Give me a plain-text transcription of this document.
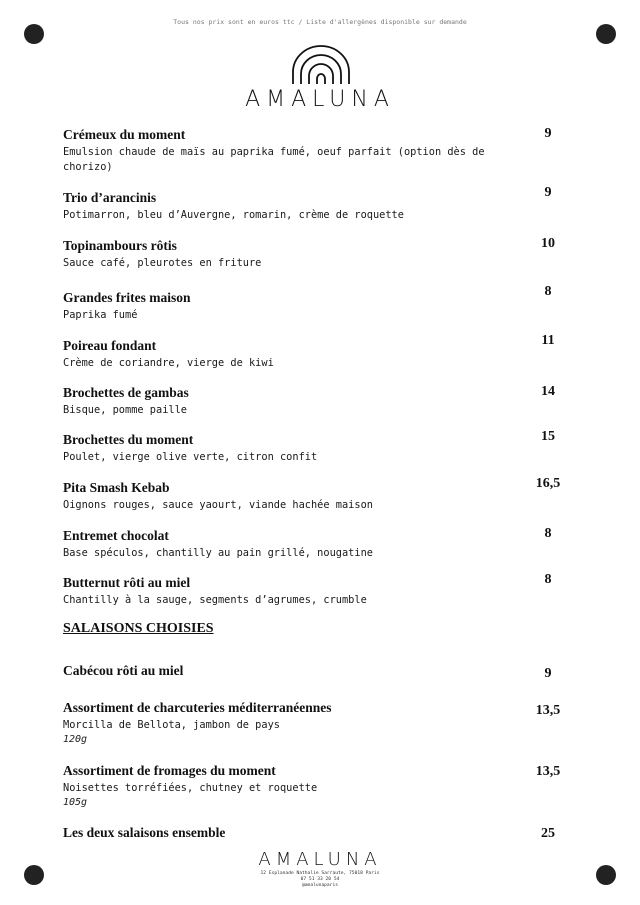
Tous nos prix sont en euros ttc / Liste d'allergènes disponible sur demande
AMALUNA
Crémeux du moment
Emulsion chaude de maïs au paprika fumé, oeuf parfait (option dès de chorizo)
9
Trio d’arancinis
Potimarron, bleu d’Auvergne, romarin, crème de roquette
9
Topinambours rôtis
Sauce café, pleurotes en friture
10
Grandes frites maison
Paprika fumé
8
Poireau fondant
Crème de coriandre, vierge de kiwi
11
Brochettes de gambas
Bisque, pomme paille
14
Brochettes du moment
Poulet, vierge olive verte, citron confit
15
Pita Smash Kebab
Oignons rouges, sauce yaourt, viande hachée maison
16,5
Entremet chocolat
Base spéculos, chantilly au pain grillé, nougatine
8
Butternut rôti au miel
Chantilly à la sauge, segments d’agrumes, crumble
8
SALAISONS CHOISIES
Cabécou rôti au miel	9
Assortiment de charcuteries méditerranéennes
Morcilla de Bellota, jambon de pays
120g
13,5
Assortiment de fromages du moment
Noisettes torréfiées, chutney et roquette
105g
13,5
Les deux salaisons ensemble	25
AMALUNA
12 Esplanade Nathalie Sarraute, 75018 Paris
07 51 33 20 54
@amalunaparis
